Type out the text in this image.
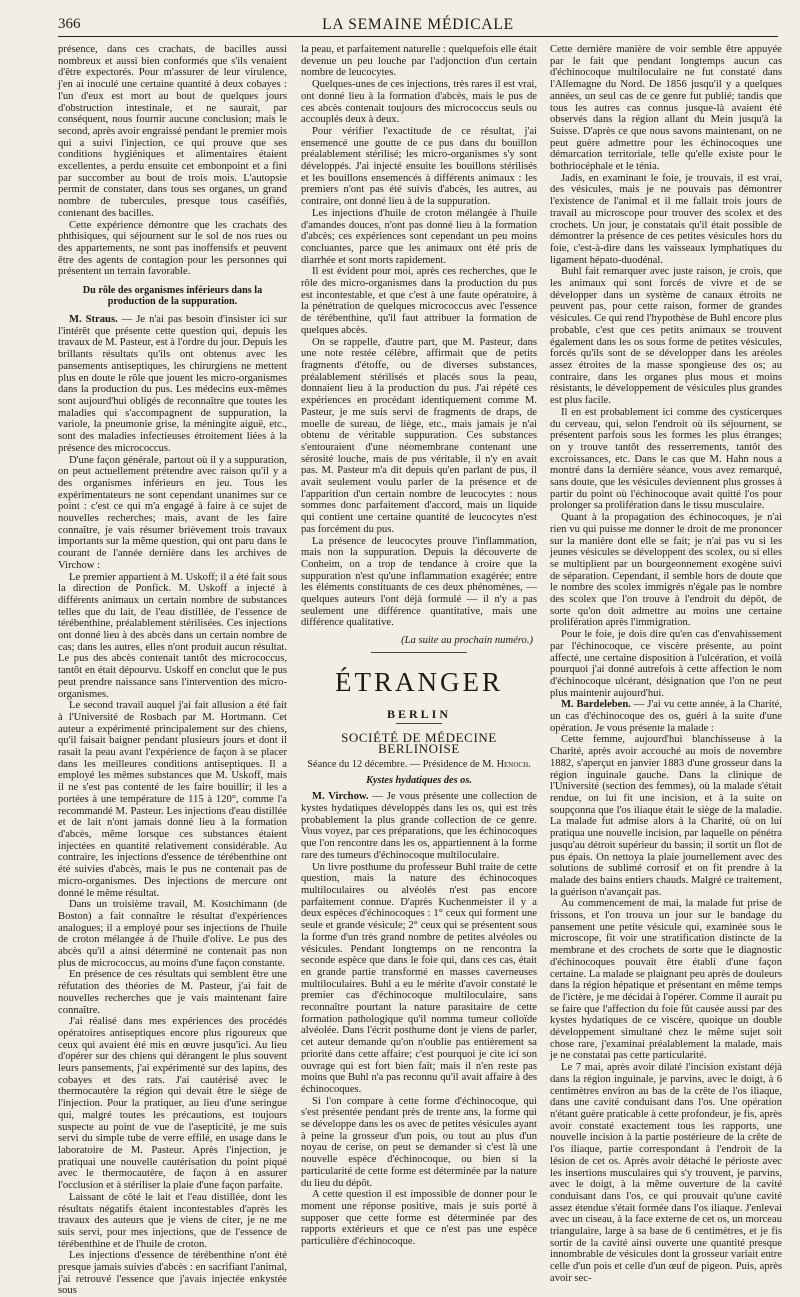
366	LA SEMAINE MÉDICALE

présence, dans ces crachats, de bacilles aussi nombreux et aussi bien conformés que s'ils venaient d'être expectorés. Pour m'assurer de leur virulence, j'en ai inoculé une certaine quantité à deux cobayes : l'un d'eux est mort au bout de quelques jours d'obstruction intestinale, et ne saurait, par conséquent, nous fournir aucune conclusion; mais le second, après avoir engraissé pendant le premier mois qui a suivi l'injection, ce qui prouve que ses conditions hygiéniques et alimentaires étaient excellentes, a perdu ensuite cet embonpoint et a fini par succomber au bout de trois mois. L'autopsie permit de constater, dans tous ses organes, un grand nombre de tubercules, presque tous caséifiés, contenant des bacilles.

Cette expérience démontre que les crachats des phthisiques, qui séjournent sur le sol de nos rues ou des appartements, ne sont pas inoffensifs et peuvent être des agents de contagion pour les personnes qui présentent un terrain favorable.

Du rôle des organismes inférieurs dans la production de la suppuration.

M. Straus. — Je n'ai pas besoin d'insister ici sur l'intérêt que présente cette question qui, depuis les travaux de M. Pasteur, est à l'ordre du jour. Depuis les brillants résultats qu'ils ont obtenus avec les pansements antiseptiques, les chirurgiens ne mettent plus en doute le rôle que jouent les micro-organismes dans la production du pus. Les médecins eux-mêmes sont aujourd'hui obligés de reconnaître que toutes les maladies qui s'accompagnent de suppuration, la variole, la pneumonie grise, la méningite aiguë, etc., sont des maladies infectieuses étroitement liées à la présence des micrococcus.

D'une façon générale, partout où il y a suppuration, on peut actuellement prétendre avec raison qu'il y a des organismes inférieurs en jeu. Tous les expérimentateurs ne sont cependant unanimes sur ce point : c'est ce qui m'a engagé à faire à ce sujet de nouvelles recherches; mais, avant de les faire connaître, je vais résumer brièvement trois travaux importants sur la même question, qui ont paru dans le courant de l'année dernière dans les archives de Virchow :

Le premier appartient à M. Uskoff; il a été fait sous la direction de Ponfick. M. Uskoff a injecté à différents animaux un certain nombre de substances telles que du lait, de l'eau distillée, de l'essence de térébenthine, préalablement stérilisées. Ces injections ont donné lieu à des abcès dans un certain nombre de cas; dans les autres, elles n'ont produit aucun résultat. Le pus des abcès contenait tantôt des micrococcus, tantôt en était dépourvu. Uskoff en conclut que le pus peut prendre naissance sans l'intervention des micro-organismes.

Le second travail auquel j'ai fait allusion a été fait à l'Université de Rosbach par M. Hortmann. Cet auteur a expérimenté principalement sur des chiens, qu'il faisait baigner pendant plusieurs jours et dont il rasait la peau avant l'expérience de façon à se placer dans les meilleures conditions antiseptiques. Il a employé les mêmes substances que M. Uskoff, mais il ne s'est pas contenté de les faire bouillir; il les a portées à une température de 115 à 120°, comme l'a recommandé M. Pasteur. Les injections d'eau distillée et de lait n'ont jamais donné lieu à la formation d'abcès, même lorsque ces substances étaient injectées en quantité relativement considérable. Au contraire, les injections d'essence de térébenthine ont été suivies d'abcès, mais le pus ne contenait pas de micro-organismes. Des injections de mercure ont donné le même résultat.

Dans un troisième travail, M. Kostchimann (de Boston) a fait connaître le résultat d'expériences analogues; il a employé pour ses injections de l'huile de croton mélangée à de l'huile d'olive. Le pus des abcès qu'il a ainsi déterminé ne contenait pas non plus de micrococcus, au moins d'une façon constante.

En présence de ces résultats qui semblent être une réfutation des théories de M. Pasteur, j'ai fait de nouvelles recherches que je vais maintenant faire connaître.

J'ai réalisé dans mes expériences des procédés opératoires antiseptiques encore plus rigoureux que ceux qui avaient été mis en œuvre jusqu'ici. Au lieu d'opérer sur des chiens qui dérangent le plus souvent leurs pansements, j'ai expérimenté sur des lapins, des cobayes et des rats. J'ai cautérisé avec le thermocautère la région qui devait être le siège de l'injection. Pour la pratiquer, au lieu d'une seringue qui, malgré toutes les précautions, est toujours suspecte au point de vue de l'asepticité, je me suis servi du simple tube de verre effilé, en usage dans le laboratoire de M. Pasteur. Après l'injection, je pratiquai une nouvelle cautérisation du point piqué avec le thermocautère, de façon à en assurer l'occlusion et à stériliser la plaie d'une façon parfaite.

Laissant de côté le lait et l'eau distillée, dont les résultats négatifs étaient incontestables d'après les travaux des auteurs que je viens de citer, je ne me suis servi, pour mes injections, que de l'essence de térébenthine et de l'huile de croton.

Les injections d'essence de térébenthine n'ont été presque jamais suivies d'abcès : en sacrifiant l'animal, j'ai retrouvé l'essence que j'avais injectée enkystée sous

la peau, et parfaitement naturelle : quelquefois elle était devenue un peu louche par l'adjonction d'un certain nombre de leucocytes.

Quelques-unes de ces injections, très rares il est vrai, ont donné lieu à la formation d'abcès, mais le pus de ces abcès contenait toujours des micrococcus seuls ou accouplés deux à deux.

Pour vérifier l'exactitude de ce résultat, j'ai ensemencé une goutte de ce pus dans du bouillon préalablement stérilisé; les micro-organismes s'y sont développés. J'ai injecté ensuite les bouillons stérilisés et les bouillons ensemencés à différents animaux : les premiers n'ont pas été suivis d'abcès, les autres, au contraire, ont donné lieu à de la suppuration.

Les injections d'huile de croton mélangée à l'huile d'amandes douces, n'ont pas donné lieu à la formation d'abcès; ces expériences sont cependant un peu moins concluantes, parce que les animaux ont été pris de diarrhée et sont morts rapidement.

Il est évident pour moi, après ces recherches, que le rôle des micro-organismes dans la production du pus est incontestable, et que c'est à une faute opératoire, à la pénétration de quelques micrococcus avec l'essence de térébenthine, qu'il faut attribuer la formation de quelques abcès.

On se rappelle, d'autre part, que M. Pasteur, dans une note restée célèbre, affirmait que de petits fragments d'étoffe, ou de diverses substances, préalablement stérilisés et placés sous la peau, donnaient lieu à la production du pus. J'ai répété ces expériences en procédant identiquement comme M. Pasteur, je me suis servi de fragments de draps, de moelle de sureau, de liège, etc., mais jamais je n'ai obtenu de véritable suppuration. Ces substances s'entouraient d'une néomembrane contenant une sérosité louche, mais de pus véritable, il n'y en avait pas. M. Pasteur m'a dit depuis qu'en parlant de pus, il avait seulement voulu parler de la présence et de l'apparition d'un certain nombre de leucocytes : nous sommes donc parfaitement d'accord, mais un liquide qui contient une certaine quantité de leucocytes n'est pas forcément du pus.

La présence de leucocytes prouve l'inflammation, mais non la suppuration. Depuis la découverte de Conheim, on a trop de tendance à croire que la suppuration n'est qu'une inflammation exagérée; entre les éléments constituants de ces deux phénomènes, — quelques auteurs l'ont déjà formulé — il n'y a pas seulement une différence quantitative, mais une différence qualitative.

(La suite au prochain numéro.)

ÉTRANGER
BERLIN
SOCIÉTÉ DE MÉDECINE BERLINOISE
Séance du 12 décembre. — Présidence de M. Henoch.
Kystes hydatiques des os.

M. Virchow. — Je vous présente une collection de kystes hydatiques développés dans les os, qui est très probablement la plus grande collection de ce genre. Vous voyez, par ces préparations, que les échinocoques que l'on rencontre dans les os, appartiennent à la forme rare des tumeurs d'échinocoque multiloculaire.

Un livre posthume du professeur Buhl traite de cette question, mais la nature des échinocoques multiloculaires ou alvéolés n'est pas encore parfaitement connue. D'après Kuchenmeister il y a deux espèces d'échinocoques : 1° ceux qui forment une seule et grande vésicule; 2° ceux qui se présentent sous la forme d'un très grand nombre de petites alvéoles ou vésicules. Pendant longtemps on ne rencontra la seconde espèce que dans le foie qui, dans ces cas, était en grande partie transformé en masses caverneuses multiloculaires. Buhl a eu le mérite d'avoir constaté le premier cas d'échinocoque multiloculaire, sans reconnaître pourtant la nature parasitaire de cette formation pathologique qu'il nomma tumeur colloïde alvéolée. Dans l'écrit posthume dont je viens de parler, cet auteur demande qu'on n'oublie pas entièrement sa priorité dans cette affaire; c'est pourquoi je cite ici son ouvrage qui est fort bien fait; mais il n'en reste pas moins que Buhl n'a pas reconnu qu'il avait affaire à des échinocoques.

Si l'on compare à cette forme d'échinocoque, qui s'est présentée pendant près de trente ans, la forme qui se développe dans les os avec de petites vésicules ayant à peine la grosseur d'un pois, ou tout au plus d'un noyau de cerise, on peut se demander si c'est là une nouvelle espèce d'échinocoque, ou bien si la particularité de cette forme est déterminée par la nature du lieu du dépôt.

A cette question il est impossible de donner pour le moment une réponse positive, mais je suis porté à supposer que cette forme est déterminée par des rapports extérieurs et que ce n'est pas une espèce particulière d'échinocoque.

Cette dernière manière de voir semble être appuyée par le fait que pendant longtemps aucun cas d'échinocoque multiloculaire ne fut constaté dans l'Allemagne du Nord. De 1856 jusqu'il y a quelques années, un seul cas de ce genre fut publié; tandis que tous les autres cas connus jusque-là avaient été observés dans la région allant du Mein jusqu'à la Suisse. D'après ce que nous savons maintenant, on ne peut guère admettre pour les échinocoques une démarcation territoriale, telle qu'elle existe pour le bothriocéphale et le ténia.

Jadis, en examinant le foie, je trouvais, il est vrai, des vésicules, mais je ne pouvais pas démontrer l'existence de l'animal et il me fallait trois jours de travail au microscope pour trouver des scolex et des crochets. Un jour, je constatais qu'il était possible de démontrer la présence de ces petites vésicules hors du foie, c'est-à-dire dans les vaisseaux lymphatiques du ligament hépato-duodénal.

Buhl fait remarquer avec juste raison, je crois, que les animaux qui sont forcés de vivre et de se développer dans un système de canaux étroits ne peuvent pas, pour cette raison, former de grandes vésicules. Ce qui rend l'hypothèse de Buhl encore plus probable, c'est que ces petits animaux se trouvent également dans les os sous forme de petites vésicules, forcés qu'ils sont de se développer dans les aréoles assez étroites de la masse spongieuse des os; au contraire, dans les organes plus mous et moins résistants, le développement de vésicules plus grandes est plus facile.

Il en est probablement ici comme des cysticerques du cerveau, qui, selon l'endroit où ils séjournent, se présentent parfois sous les formes les plus étranges; on y trouve tantôt des resserrements, tantôt des excroissances, etc. Dans le cas que M. Hahn nous a montré dans la dernière séance, vous avez remarqué, sans doute, que les vésicules deviennent plus grosses à partir du point où l'échinocoque avait quitté l'os pour prolonger sa prolifération dans le tissu musculaire.

Quant à la propagation des échinocoques, je n'ai rien vu qui puisse me donner le droit de me prononcer sur la manière dont elle se fait; je n'ai pas vu si les jeunes vésicules se développent des scolex, ou si elles se multiplient par un bourgeonnement exogène suivi de séparation. Cependant, il semble hors de doute que le nombre des scolex immigrés n'égale pas le nombre des scolex que l'on trouve à l'endroit du dépôt, de sorte qu'on doit admettre au moins une certaine prolifération après l'immigration.

Pour le foie, je dois dire qu'en cas d'envahissement par l'échinocoque, ce viscère présente, au point affecté, une certaine disposition à l'ulcération, et voilà pourquoi j'ai donné autrefois à cette affection le nom d'échinocoque ulcérant, désignation que l'on ne peut plus maintenir aujourd'hui.

M. Bardeleben. — J'ai vu cette année, à la Charité, un cas d'échinocoque des os, guéri à la suite d'une opération. Je vous présente la malade :

Cette femme, aujourd'hui blanchisseuse à la Charité, après avoir accouché au mois de novembre 1882, s'aperçut en janvier 1883 d'une grosseur dans la région inguinale gauche. Dans la clinique de l'Université (section des femmes), où la malade s'était rendue, on lui fit une incision, et à la suite on soupçonna que l'os iliaque était le siège de la maladie. La malade fut admise alors à la Charité, où on lui pratiqua une nouvelle incision, par laquelle on pénétra jusqu'au détroit supérieur du bassin; il sortit un flot de pus épais. On nettoya la plaie journellement avec des solutions de sublimé corrosif et on fit prendre à la malade des bains entiers chauds. Malgré ce traitement, la guérison n'avançait pas.

Au commencement de mai, la malade fut prise de frissons, et l'on trouva un jour sur le bandage du pansement une petite vésicule qui, examinée sous le microscope, fit voir une stratification distincte de la membrane et des crochets de sorte que le diagnostic d'échinocoques pouvait être établi d'une façon certaine. La malade se plaignant peu après de douleurs dans la région hépatique et présentant en même temps de l'ictère, je me décidai à l'opérer. Comme il aurait pu se faire que l'affection du foie fût causée aussi par des kystes hydatiques de ce viscère, quoique un double développement simultané chez le même sujet soit chose rare, j'examinai préalablement la malade, mais je ne constatai pas cette particularité.

Le 7 mai, après avoir dilaté l'incision existant déjà dans la région inguinale, je parvins, avec le doigt, à 6 centimètres environ au bas de la crête de l'os iliaque, dans une cavité conduisant dans l'os. Une opération n'étant guère praticable à cette profondeur, je fis, après avoir constaté exactement tous les rapports, une nouvelle incision à la partie postérieure de la crête de l'os iliaque, partie correspondant à l'endroit de la lésion de cet os. Après avoir détaché le périoste avec les insertions musculaires qui s'y trouvent, je parvins, avec le doigt, à la même ouverture de la cavité conduisant dans l'os, ce qui prouvait qu'une cavité assez étendue s'était formée dans l'os iliaque. J'enlevai avec un ciseau, à la face externe de cet os, un morceau triangulaire, large à sa base de 6 centimètres, et je fis sortir de la cavité ainsi ouverte une quantité presque innombrable de vésicules dont la grosseur variait entre celle d'un pois et celle d'un œuf de pigeon. Puis, après avoir sec-
